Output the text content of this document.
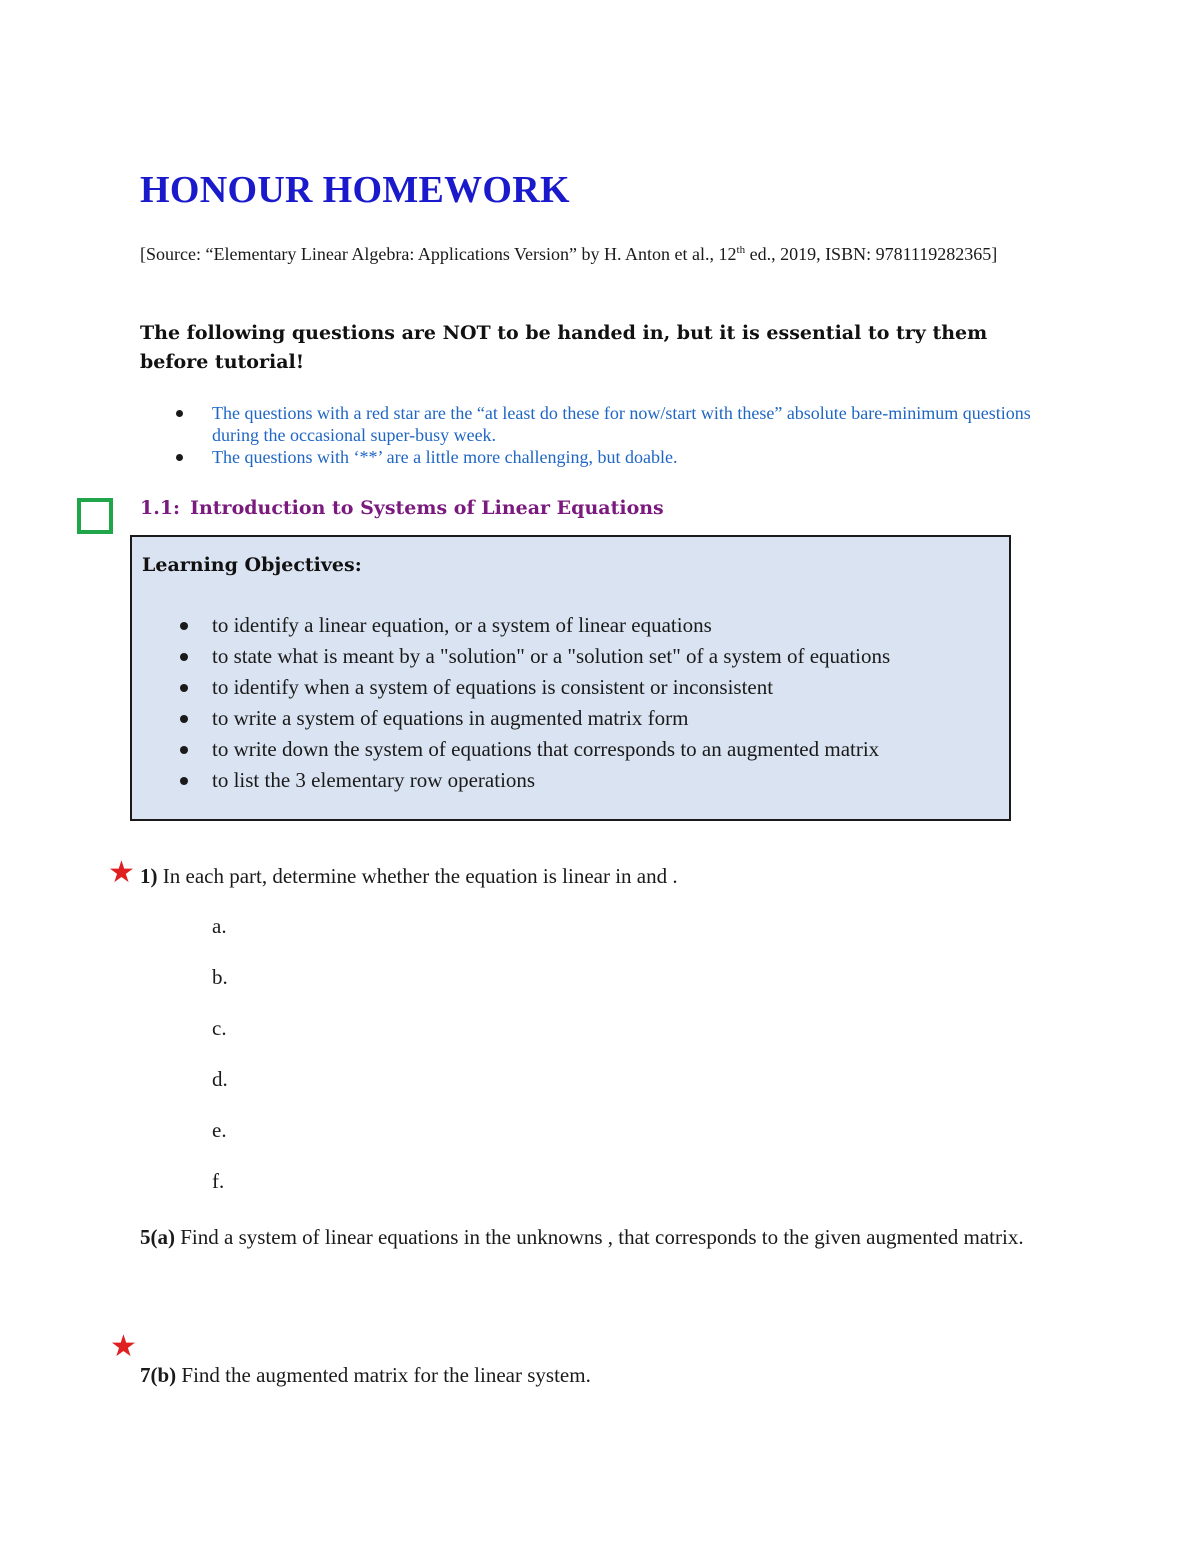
HONOUR HOMEWORK
[Source: “Elementary Linear Algebra: Applications Version” by H. Anton et al., 12th ed., 2019, ISBN: 9781119282365]
The following questions are NOT to be handed in, but it is essential to try them before tutorial!
The questions with a red star are the “at least do these for now/start with these” absolute bare-minimum questions during the occasional super-busy week.
The questions with ‘**’ are a little more challenging, but doable.
1.1: Introduction to Systems of Linear Equations
Learning Objectives:
to identify a linear equation, or a system of linear equations
to state what is meant by a "solution" or a "solution set" of a system of equations
to identify when a system of equations is consistent or inconsistent
to write a system of equations in augmented matrix form
to write down the system of equations that corresponds to an augmented matrix
to list the 3 elementary row operations
★ 1) In each part, determine whether the equation is linear in and .
a.
b.
c.
d.
e.
f.
5(a) Find a system of linear equations in the unknowns , that corresponds to the given augmented matrix.
★
7(b) Find the augmented matrix for the linear system.
